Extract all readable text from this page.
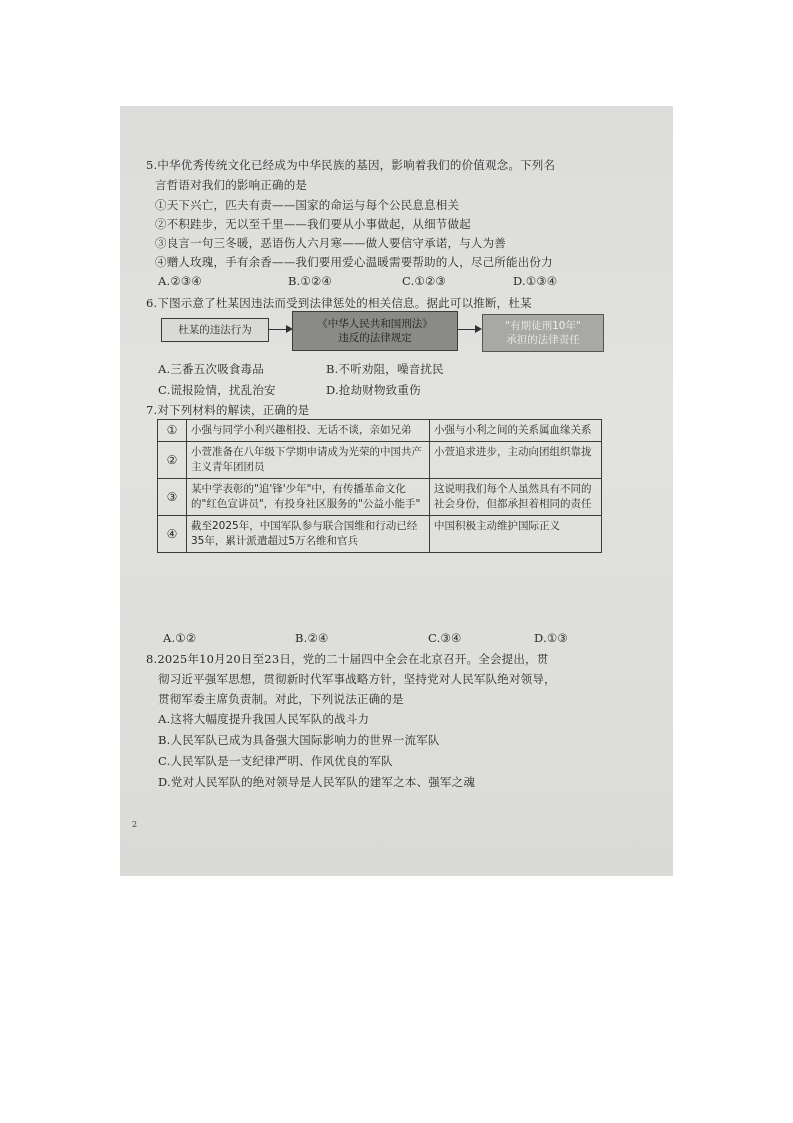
5.中华优秀传统文化已经成为中华民族的基因，影响着我们的价值观念。下列名
言哲语对我们的影响正确的是
①天下兴亡，匹夫有责——国家的命运与每个公民息息相关
②不积跬步，无以至千里——我们要从小事做起，从细节做起
③良言一句三冬暖，恶语伤人六月寒——做人要信守承诺，与人为善
④赠人玫瑰，手有余香——我们要用爱心温暖需要帮助的人，尽己所能出份力
A.②③④	B.①②④	C.①②③	D.①③④
6.下图示意了杜某因违法而受到法律惩处的相关信息。据此可以推断，杜某
杜某的违法行为	《中华人民共和国刑法》
违反的法律规定
"有期徒刑10年"
承担的法律责任
A.三番五次吸食毒品	B.不听劝阻，噪音扰民
C.谎报险情，扰乱治安	D.抢劫财物致重伤
7.对下列材料的解读，正确的是
①	小强与同学小利兴趣相投、无话不谈，亲如兄弟	小强与小利之间的关系属血缘关系
②	小萱准备在八年级下学期申请成为光荣的中国共产主义青年团团员	小萱追求进步，主动向团组织靠拢
③	某中学表彰的"追'锋'少年"中，有传播革命文化的"红色宣讲员"，有投身社区服务的"公益小能手"	这说明我们每个人虽然具有不同的社会身份，但都承担着相同的责任
④	截至2025年，中国军队参与联合国维和行动已经35年，累计派遣超过5万名维和官兵	中国积极主动维护国际正义
A.①②	B.②④	C.③④	D.①③
8.2025年10月20日至23日，党的二十届四中全会在北京召开。全会提出，贯
彻习近平强军思想，贯彻新时代军事战略方针，坚持党对人民军队绝对领导，
贯彻军委主席负责制。对此，下列说法正确的是
A.这将大幅度提升我国人民军队的战斗力
B.人民军队已成为具备强大国际影响力的世界一流军队
C.人民军队是一支纪律严明、作风优良的军队
D.党对人民军队的绝对领导是人民军队的建军之本、强军之魂
2
